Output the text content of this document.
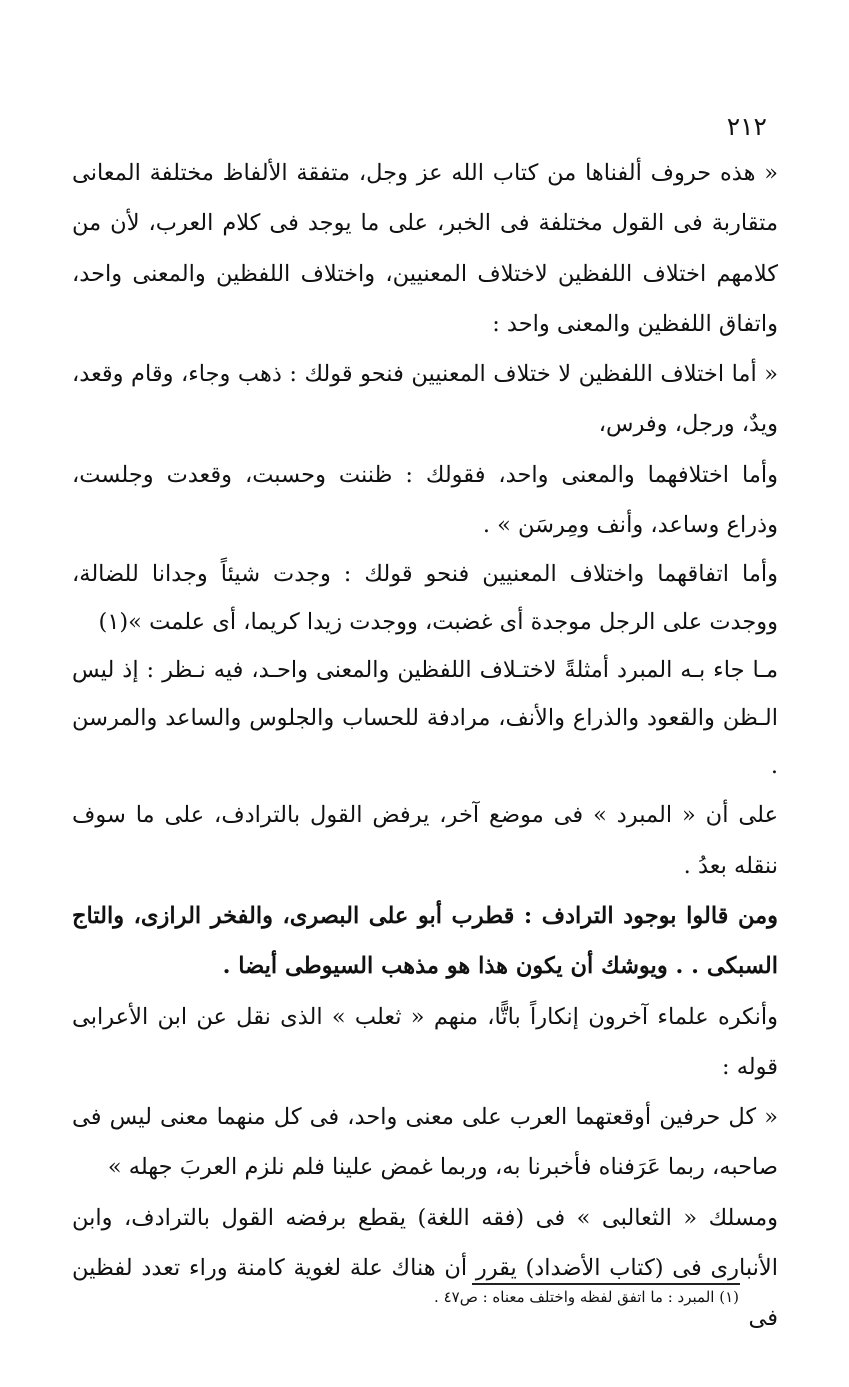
٢١٢

« هذه حروف ألفناها من كتاب الله عز وجل، متفقة الألفاظ مختلفة المعانى متقاربة فى القول مختلفة فى الخبر، على ما يوجد فى كلام العرب، لأن من كلامهم اختلاف اللفظين لاختلاف المعنيين، واختلاف اللفظين والمعنى واحد، واتفاق اللفظين والمعنى واحد :

« أما اختلاف اللفظين لا ختلاف المعنيين فنحو قولك : ذهب وجاء، وقام وقعد، ويدٌ، ورجل، وفرس،

وأما اختلافهما والمعنى واحد، فقولك : ظننت وحسبت، وقعدت وجلست، وذراع وساعد، وأنف ومِرسَن » .

وأما اتفاقهما واختلاف المعنيين فنحو قولك : وجدت شيئاً وجدانا للضالة، ووجدت على الرجل موجدة أى غضبت، ووجدت زيدا كريما، أى علمت »(١)

مـا جاء بـه المبرد أمثلةً لاختـلاف اللفظين والمعنى واحـد، فيه نـظر : إذ ليس الـظن والقعود والذراع والأنف، مرادفة للحساب والجلوس والساعد والمرسن .

على أن « المبرد » فى موضع آخر، يرفض القول بالترادف، على ما سوف ننقله بعدُ .

ومن قالوا بوجود الترادف : قطرب أبو على البصرى، والفخر الرازى، والتاج السبكى . . ويوشك أن يكون هذا هو مذهب السيوطى أيضا .

وأنكره علماء آخرون إنكاراً باتًّا، منهم « ثعلب » الذى نقل عن ابن الأعرابى قوله :

« كل حرفين أوقعتهما العرب على معنى واحد، فى كل منهما معنى ليس فى صاحبه، ربما عَرَفناه فأخبرنا به، وربما غمض علينا فلم نلزم العربَ جهله »

ومسلك « الثعالبى » فى (فقه اللغة) يقطع برفضه القول بالترادف، وابن الأنبارى فى (كتاب الأضداد) يقرر أن هناك علة لغوية كامنة وراء تعدد لفظين فى

(١) المبرد : ما اتفق لفظه واختلف معناه : ص٤٧ .
